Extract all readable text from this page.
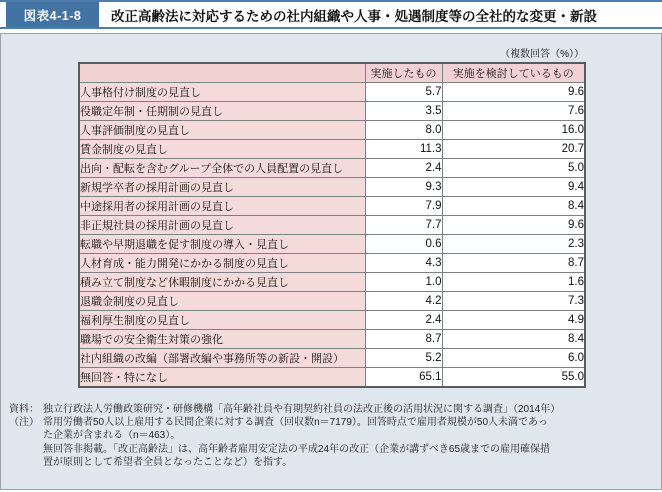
図表4-1-8	改正高齢法に対応するための社内組織や人事・処遇制度等の全社的な変更・新設
（複数回答（%））
	実施したもの	実施を検討しているもの
人事格付け制度の見直し	5.7	9.6
役職定年制・任期制の見直し	3.5	7.6
人事評価制度の見直し	8.0	16.0
賃金制度の見直し	11.3	20.7
出向・配転を含むグループ全体での人員配置の見直し	2.4	5.0
新規学卒者の採用計画の見直し	9.3	9.4
中途採用者の採用計画の見直し	7.9	8.4
非正規社員の採用計画の見直し	7.7	9.6
転職や早期退職を促す制度の導入・見直し	0.6	2.3
人材育成・能力開発にかかる制度の見直し	4.3	8.7
積み立て制度など休暇制度にかかる見直し	1.0	1.6
退職金制度の見直し	4.2	7.3
福利厚生制度の見直し	2.4	4.9
職場での安全衛生対策の強化	8.7	8.4
社内組織の改編（部署改編や事務所等の新設・開設）	5.2	6.0
無回答・特になし	65.1	55.0
資料： 独立行政法人労働政策研究・研修機構「高年齢社員や有期契約社員の法改正後の活用状況に関する調査」（2014年）
（注） 常用労働者50人以上雇用する民間企業に対する調査（回収数n＝7179）。回答時点で雇用者規模が50人未満であっ
た企業が含まれる（n＝463）。
無回答非掲載。「改正高齢法」は、高年齢者雇用安定法の平成24年の改正（企業が講ずべき65歳までの雇用確保措
置が原則として希望者全員となったことなど）を指す。
